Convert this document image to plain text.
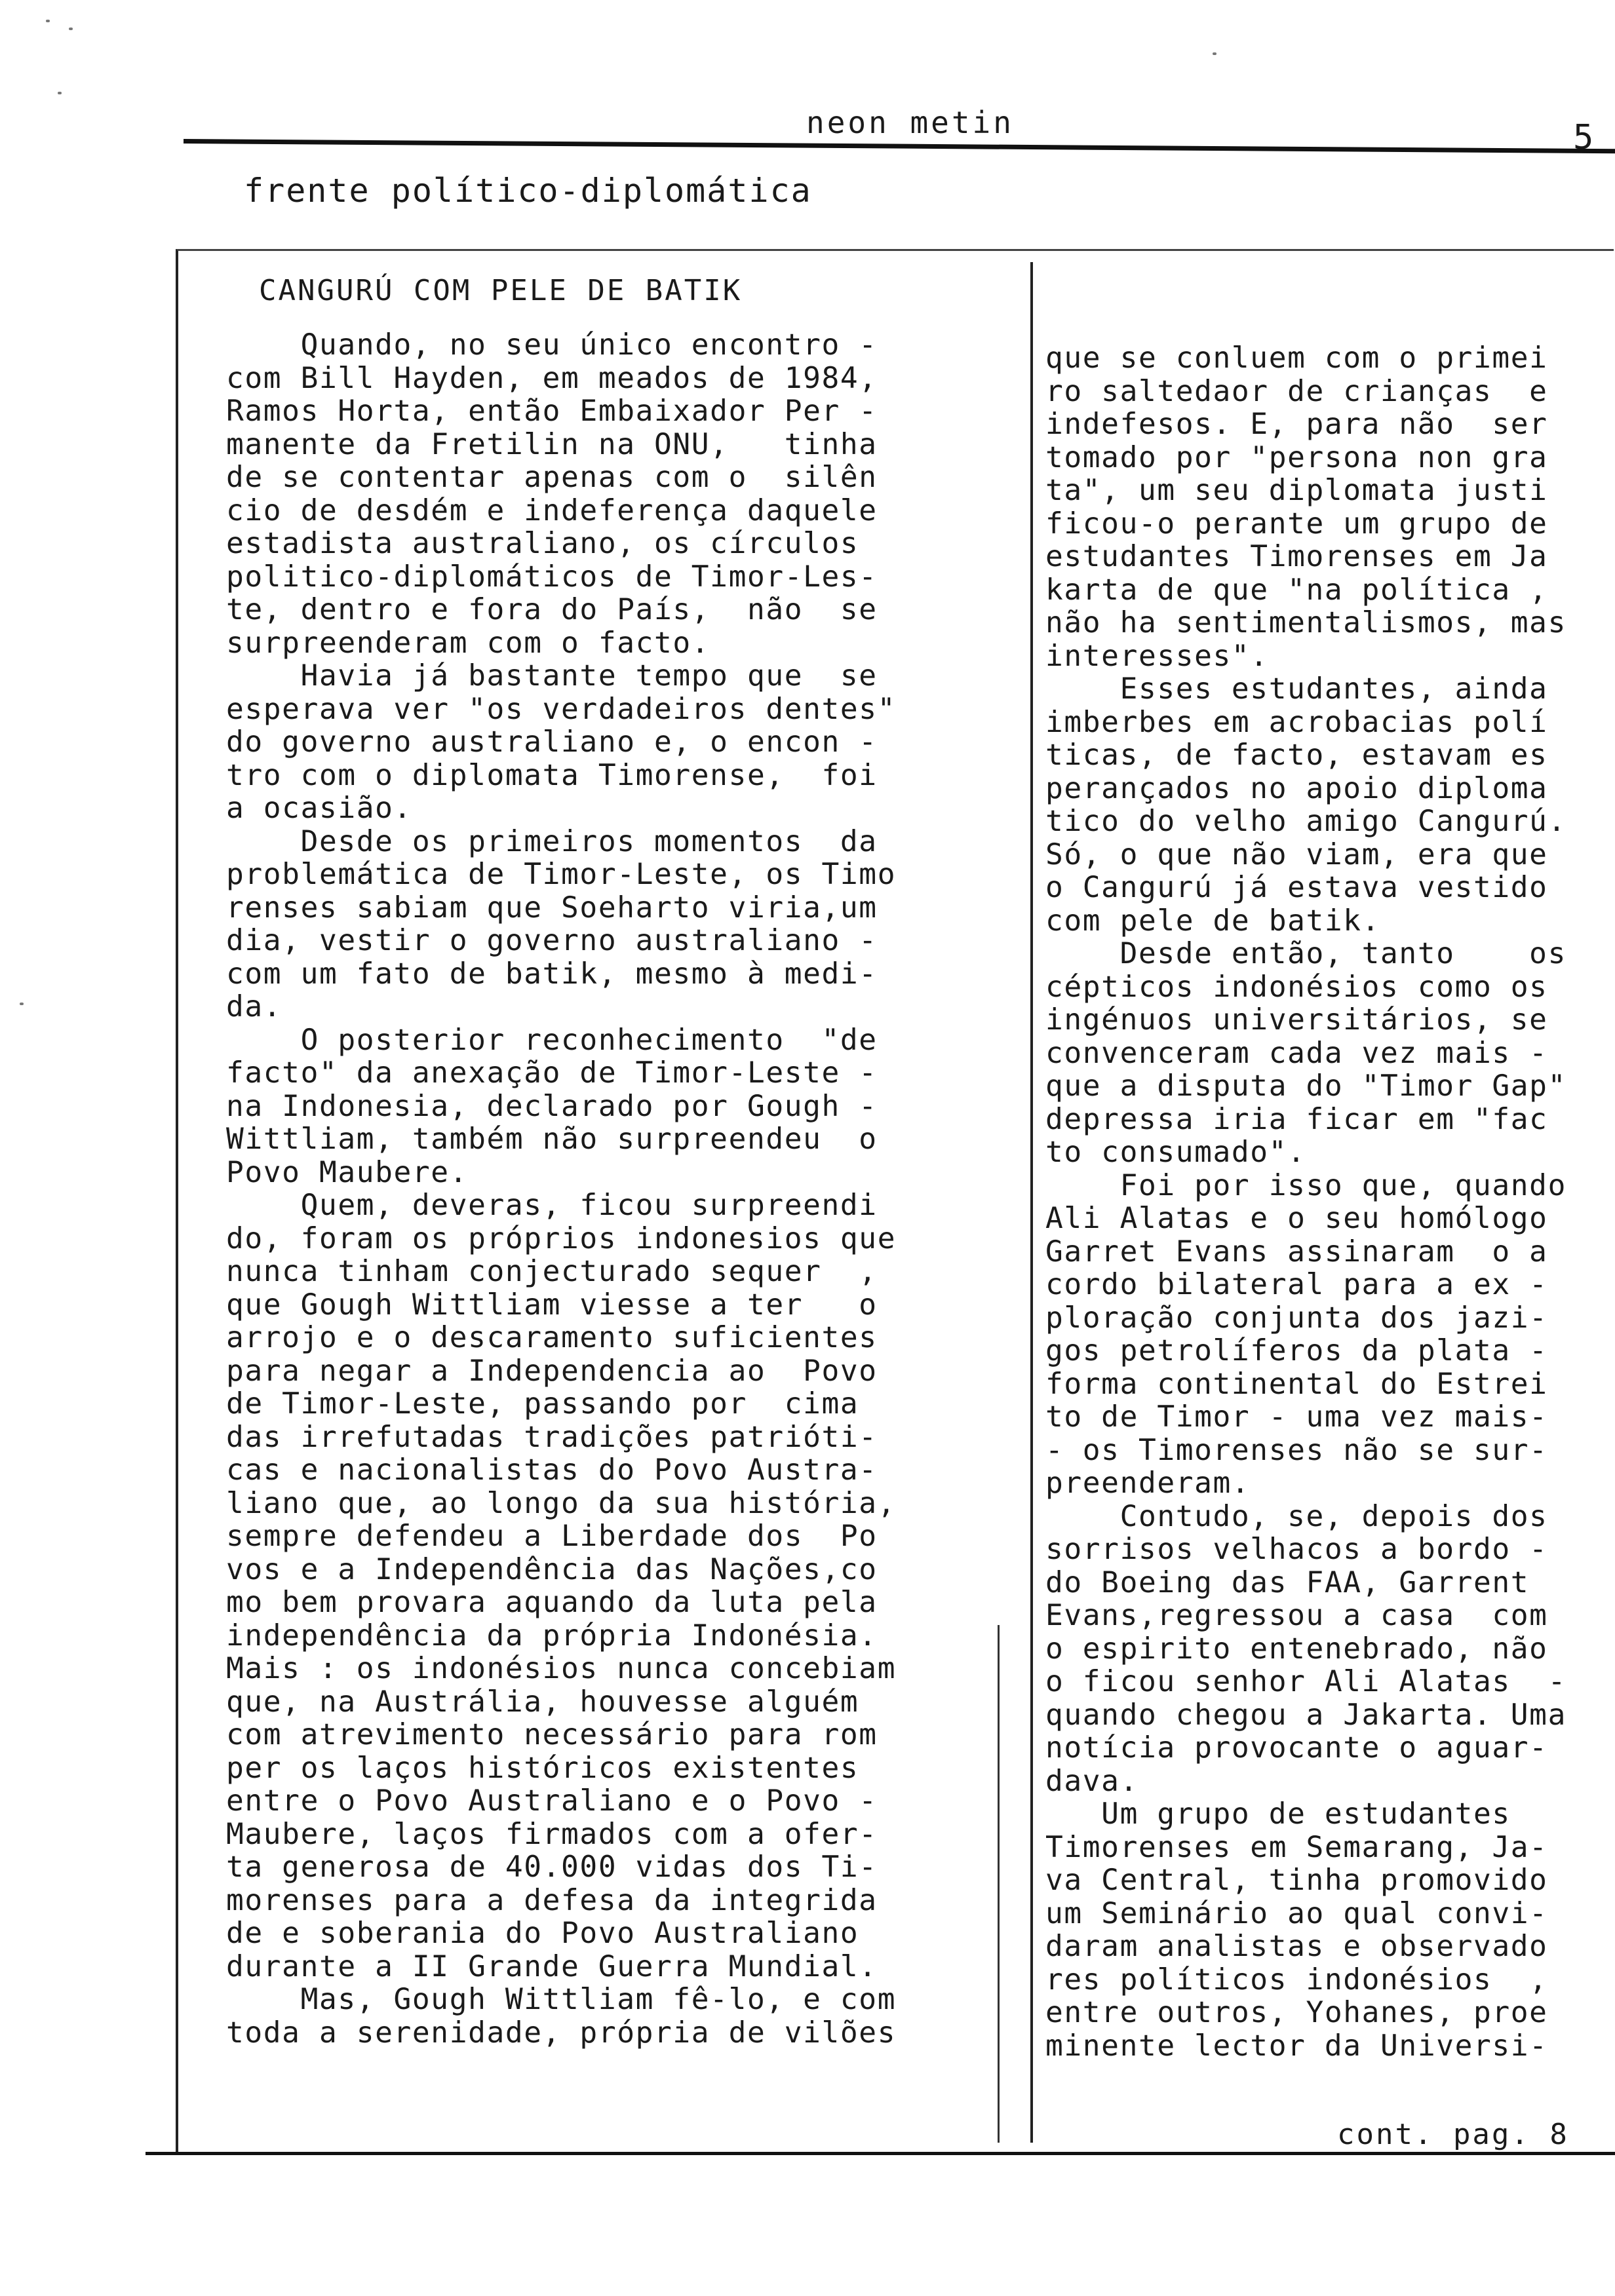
neon metin	5
frente político-diplomática
CANGURÚ COM PELE DE BATIK
Quando, no seu único encontro -
com Bill Hayden, em meados de 1984,
Ramos Horta, então Embaixador Per -
manente da Fretilin na ONU,   tinha
de se contentar apenas com o  silên
cio de desdém e indeferença daquele
estadista australiano, os círculos
politico-diplomáticos de Timor-Les-
te, dentro e fora do País,  não  se
surpreenderam com o facto.
Havia já bastante tempo que  se
esperava ver "os verdadeiros dentes"
do governo australiano e, o encon -
tro com o diplomata Timorense,  foi
a ocasião.
Desde os primeiros momentos  da
problemática de Timor-Leste, os Timo
renses sabiam que Soeharto viria,um
dia, vestir o governo australiano -
com um fato de batik, mesmo à medi-
da.
O posterior reconhecimento  "de
facto" da anexação de Timor-Leste -
na Indonesia, declarado por Gough -
Wittliam, também não surpreendeu  o
Povo Maubere.
Quem, deveras, ficou surpreendi
do, foram os próprios indonesios que
nunca tinham conjecturado sequer  ,
que Gough Wittliam viesse a ter   o
arrojo e o descaramento suficientes
para negar a Independencia ao  Povo
de Timor-Leste, passando por  cima
das irrefutadas tradições patrióti-
cas e nacionalistas do Povo Austra-
liano que, ao longo da sua história,
sempre defendeu a Liberdade dos  Po
vos e a Independência das Nações,co
mo bem provara aquando da luta pela
independência da própria Indonésia.
Mais : os indonésios nunca concebiam
que, na Austrália, houvesse alguém
com atrevimento necessário para rom
per os laços históricos existentes
entre o Povo Australiano e o Povo -
Maubere, laços firmados com a ofer-
ta generosa de 40.000 vidas dos Ti-
morenses para a defesa da integrida
de e soberania do Povo Australiano
durante a II Grande Guerra Mundial.
Mas, Gough Wittliam fê-lo, e com
toda a serenidade, própria de vilões
que se conluem com o primei
ro saltedaor de crianças  e
indefesos. E, para não  ser
tomado por "persona non gra
ta", um seu diplomata justi
ficou-o perante um grupo de
estudantes Timorenses em Ja
karta de que "na política ,
não ha sentimentalismos, mas
interesses".
Esses estudantes, ainda
imberbes em acrobacias polí
ticas, de facto, estavam es
perançados no apoio diploma
tico do velho amigo Cangurú.
Só, o que não viam, era que
o Cangurú já estava vestido
com pele de batik.
Desde então, tanto    os
cépticos indonésios como os
ingénuos universitários, se
convenceram cada vez mais -
que a disputa do "Timor Gap"
depressa iria ficar em "fac
to consumado".
Foi por isso que, quando
Ali Alatas e o seu homólogo
Garret Evans assinaram  o a
cordo bilateral para a ex -
ploração conjunta dos jazi-
gos petrolíferos da plata -
forma continental do Estrei
to de Timor - uma vez mais-
- os Timorenses não se sur-
preenderam.
Contudo, se, depois dos
sorrisos velhacos a bordo -
do Boeing das FAA, Garrent
Evans,regressou a casa  com
o espirito entenebrado, não
o ficou senhor Ali Alatas  -
quando chegou a Jakarta. Uma
notícia provocante o aguar-
dava.
Um grupo de estudantes
Timorenses em Semarang, Ja-
va Central, tinha promovido
um Seminário ao qual convi-
daram analistas e observado
res políticos indonésios  ,
entre outros, Yohanes, proe
minente lector da Universi-
cont. pag. 8
